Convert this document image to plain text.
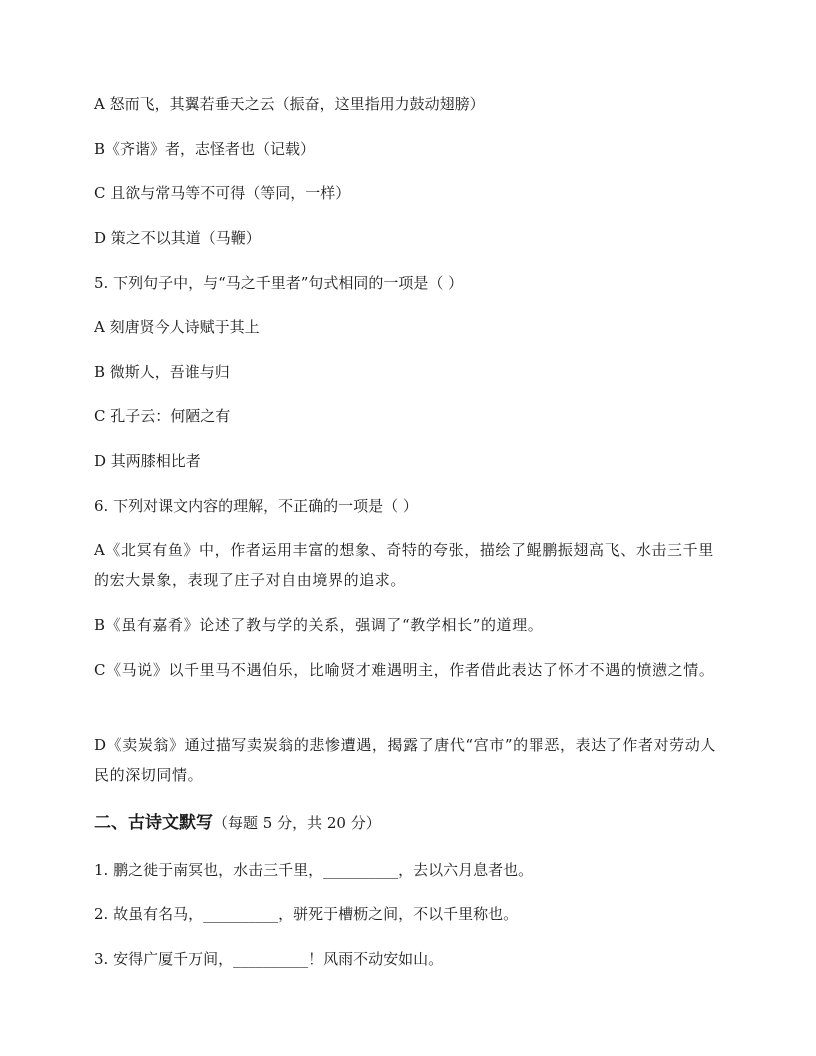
A 怒而飞，其翼若垂天之云（振奋，这里指用力鼓动翅膀）
B《齐谐》者，志怪者也（记载）
C 且欲与常马等不可得（等同，一样）
D 策之不以其道（马鞭）
5. 下列句子中，与“马之千里者”句式相同的一项是（ ）
A 刻唐贤今人诗赋于其上
B 微斯人，吾谁与归
C 孔子云：何陋之有
D 其两膝相比者
6. 下列对课文内容的理解，不正确的一项是（ ）
A《北冥有鱼》中，作者运用丰富的想象、奇特的夸张，描绘了鲲鹏振翅高飞、水击三千里的宏大景象，表现了庄子对自由境界的追求。
B《虽有嘉肴》论述了教与学的关系，强调了“教学相长”的道理。
C《马说》以千里马不遇伯乐，比喻贤才难遇明主，作者借此表达了怀才不遇的愤懑之情。
D《卖炭翁》通过描写卖炭翁的悲惨遭遇，揭露了唐代“宫市”的罪恶，表达了作者对劳动人民的深切同情。
二、古诗文默写（每题 5 分，共 20 分）
1. 鹏之徙于南冥也，水击三千里，__________，去以六月息者也。
2. 故虽有名马，__________，骈死于槽枥之间，不以千里称也。
3. 安得广厦千万间，__________！风雨不动安如山。
